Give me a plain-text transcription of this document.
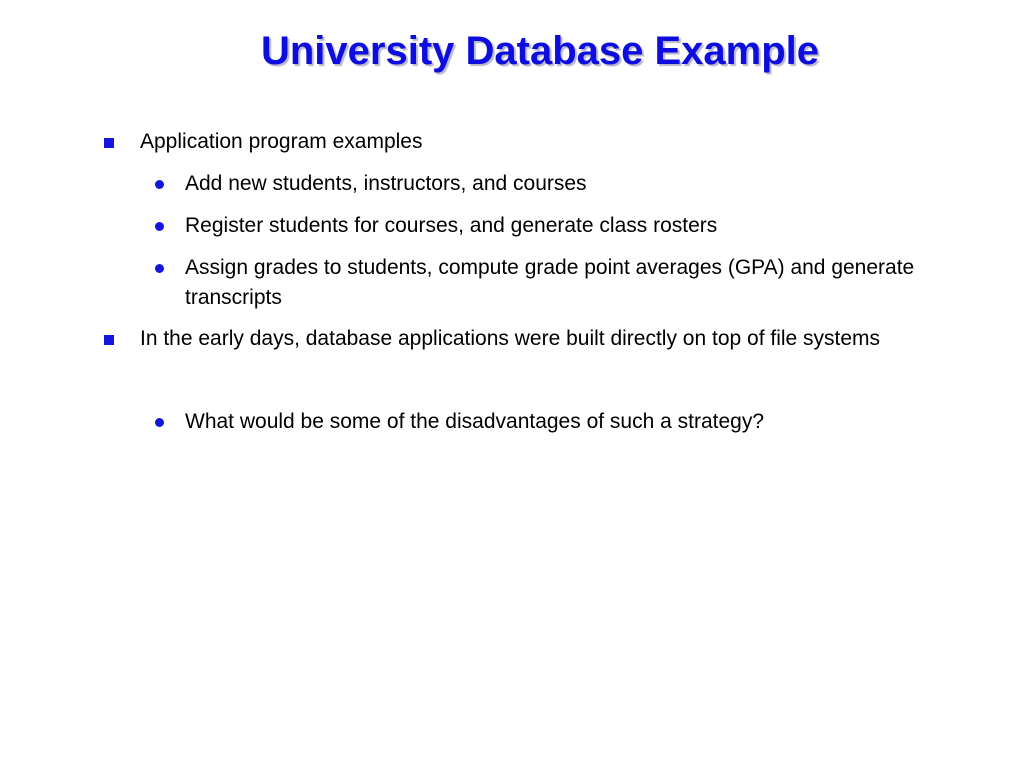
University Database Example
Application program examples
Add new students, instructors, and courses
Register students for courses, and generate class rosters
Assign grades to students, compute grade point averages (GPA) and generate transcripts
In the early days, database applications were built directly on top of file systems
What would be some of the disadvantages of such a strategy?
